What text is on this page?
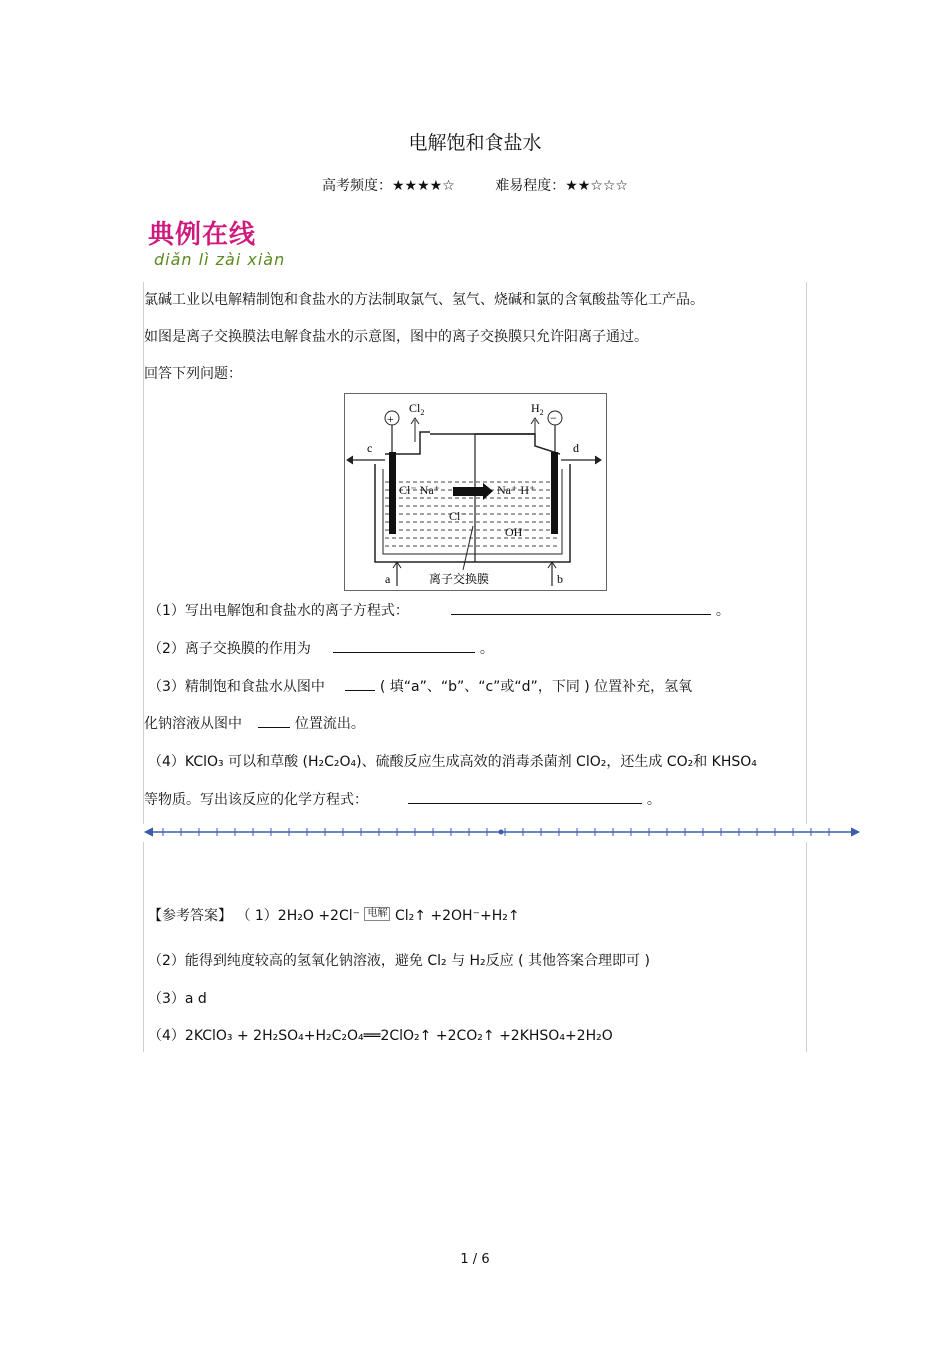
电解饱和食盐水
高考频度：★★★★☆	难易程度：★★☆☆☆
典例在线
diǎn lì zài xiàn
氯碱工业以电解精制饱和食盐水的方法制取氯气、氢气、烧碱和氯的含氧酸盐等化工产品。
如图是离子交换膜法电解食盐水的示意图，图中的离子交换膜只允许阳离子通过。
回答下列问题：
+	−
$Cl_2$	$H_2$
c	d
a	b
Cl⁻ Na⁺	Na⁺ H⁺
Cl⁻
OH⁻
离子交换膜
（1）写出电解饱和食盐水的离子方程式：	。
（2）离子交换膜的作用为	。
（3）精制饱和食盐水从图中	( 填“a”、“b”、“c”或“d”，下同 ) 位置补充，氢氧
化钠溶液从图中	位置流出。
（4）KClO₃ 可以和草酸 (H₂C₂O₄)、硫酸反应生成高效的消毒杀菌剂 ClO₂，还生成 CO₂和 KHSO₄
等物质。写出该反应的化学方程式：	。
【参考答案】 （ 1）2H₂O +2Cl⁻ 电解 Cl₂↑ +2OH⁻+H₂↑
（2）能得到纯度较高的氢氧化钠溶液，避免 Cl₂ 与 H₂反应 ( 其他答案合理即可 )
（3）a d
（4）2KClO₃ + 2H₂SO₄+H₂C₂O₄══2ClO₂↑ +2CO₂↑ +2KHSO₄+2H₂O
1 / 6
